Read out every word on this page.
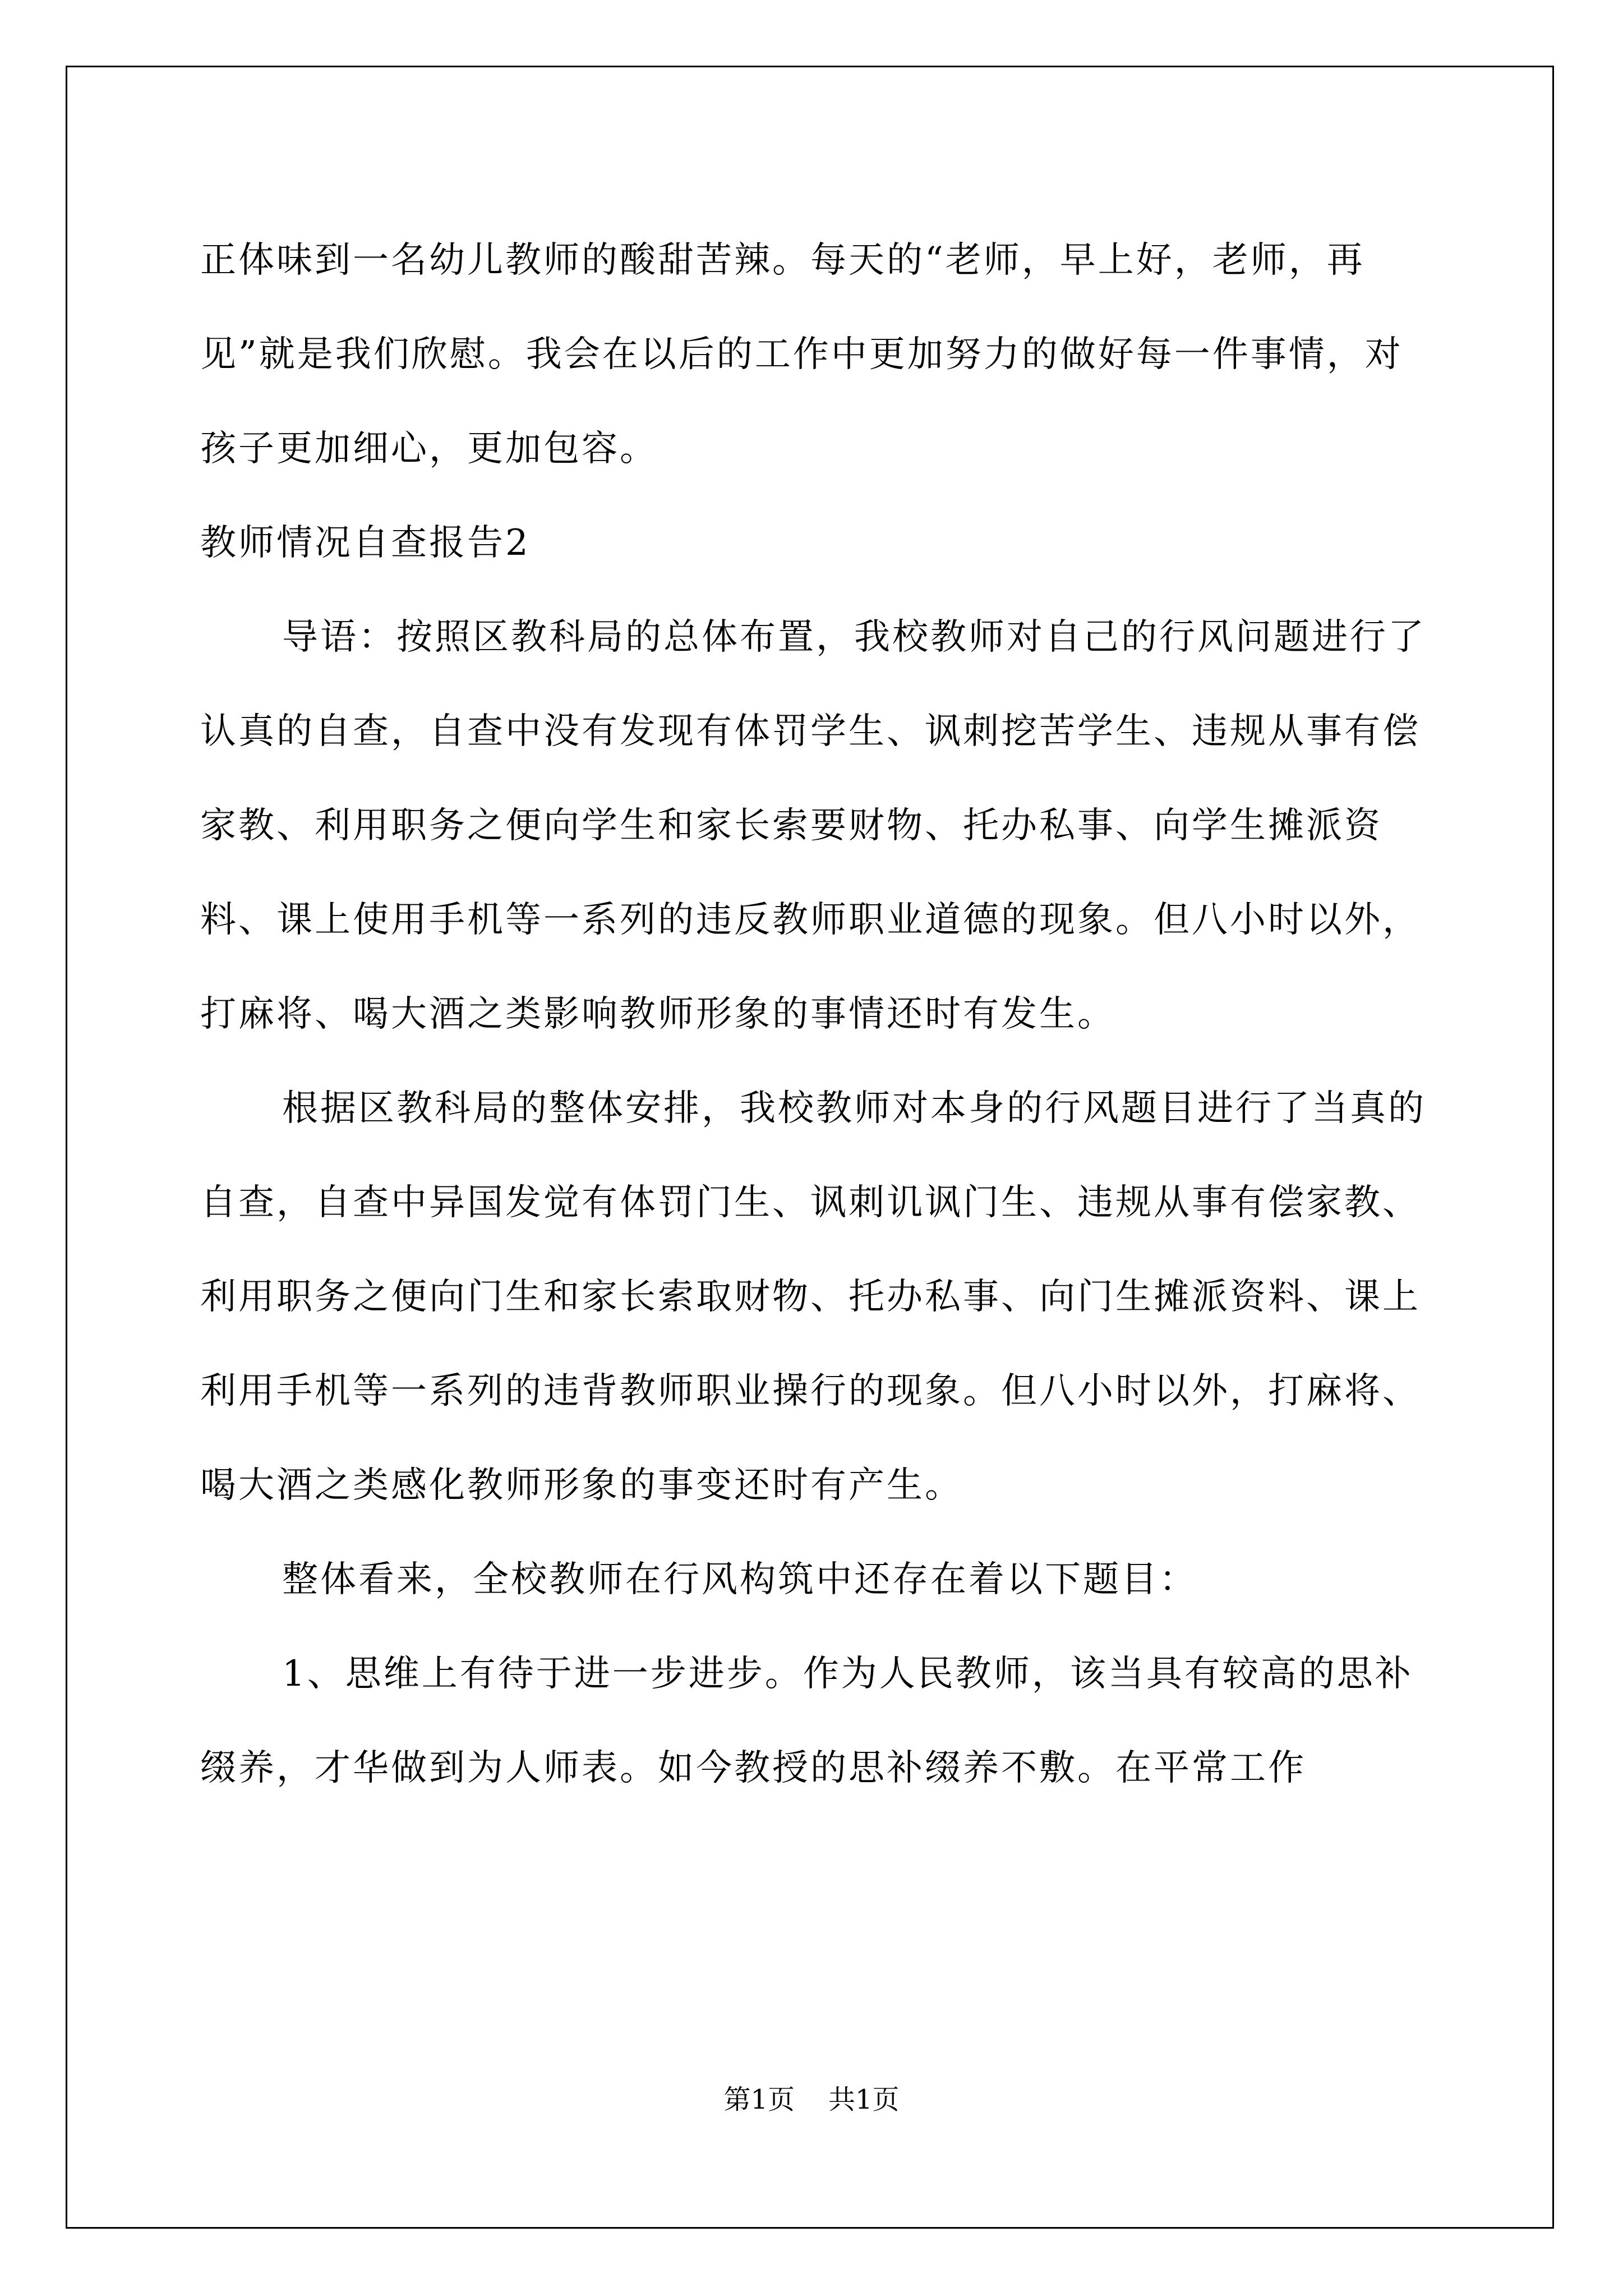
正体味到一名幼儿教师的酸甜苦辣。每天的“老师，早上好，老师，再见”就是我们欣慰。我会在以后的工作中更加努力的做好每一件事情，对孩子更加细心，更加包容。

教师情况自查报告2

导语：按照区教科局的总体布置，我校教师对自己的行风问题进行了认真的自查，自查中没有发现有体罚学生、讽刺挖苦学生、违规从事有偿家教、利用职务之便向学生和家长索要财物、托办私事、向学生摊派资料、课上使用手机等一系列的违反教师职业道德的现象。但八小时以外，打麻将、喝大酒之类影响教师形象的事情还时有发生。

根据区教科局的整体安排，我校教师对本身的行风题目进行了当真的自查，自查中异国发觉有体罚门生、讽刺讥讽门生、违规从事有偿家教、利用职务之便向门生和家长索取财物、托办私事、向门生摊派资料、课上利用手机等一系列的违背教师职业操行的现象。但八小时以外，打麻将、喝大酒之类感化教师形象的事变还时有产生。

整体看来，全校教师在行风构筑中还存在着以下题目：

1、思维上有待于进一步进步。作为人民教师，该当具有较高的思补缀养，才华做到为人师表。如今教授的思补缀养不敷。在平常工作

第1页 共1页
